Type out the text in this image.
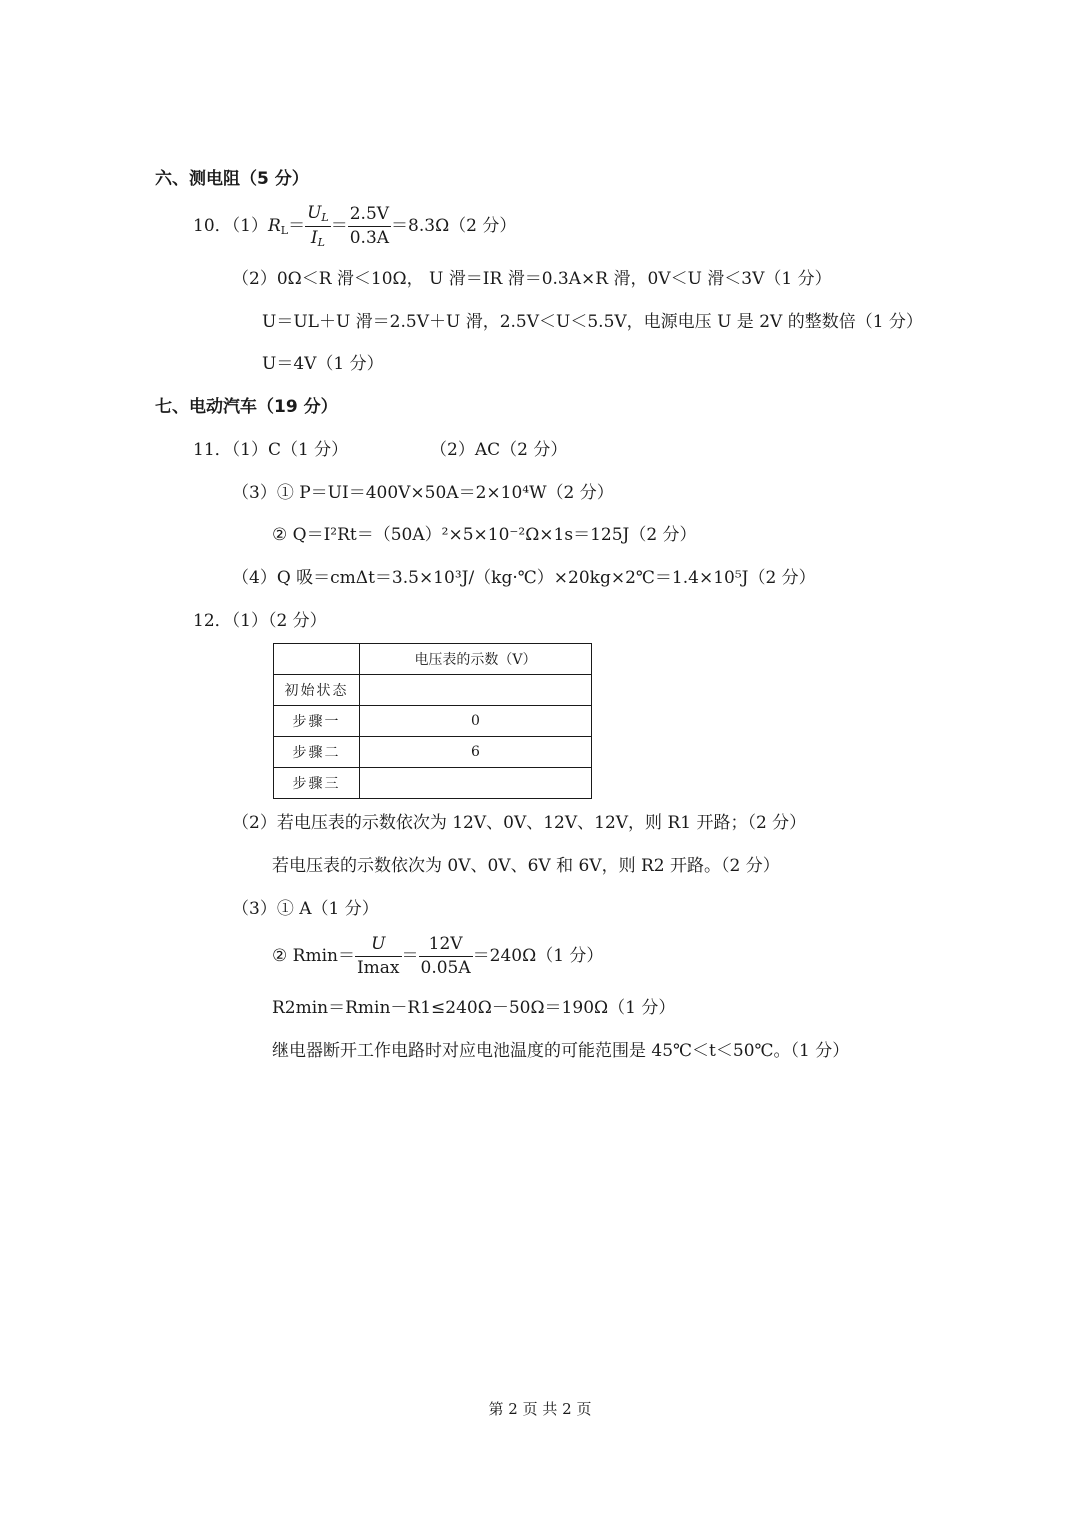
六、测电阻（5 分）
10．$(1)R_L= \frac{U_L}{I_L} = \frac{2.5V}{0.3A} =8.3\Omega(2$ 分）
（2）0Ω＜R 滑＜10Ω， U 滑＝IR 滑＝0.3A×R 滑，0V＜U 滑＜3V（1 分）
U＝UL＋U 滑＝2.5V＋U 滑，2.5V＜U＜5.5V，电源电压 U 是 2V 的整数倍（1 分）
U＝4V（1 分）
七、电动汽车（19 分）
11．（1）C（1 分）	（2）AC（2 分）
（3）① P＝UI＝400V×50A＝2×10⁴W（2 分）
② Q＝I²Rt＝（50A）²×5×10⁻²Ω×1s＝125J（2 分）
（4）Q 吸＝cmΔt＝3.5×10³J/（kg·℃）×20kg×2℃＝1.4×10⁵J（2 分）
12．（1）（2 分）
	电压表的示数（V）
初始状态	
步骤一	0
步骤二	6
步骤三	
（2）若电压表的示数依次为 12V、0V、12V、12V，则 R1 开路；（2 分）
若电压表的示数依次为 0V、0V、6V 和 6V，则 R2 开路。（2 分）
（3）① A（1 分）
② $Rmin= \frac{U}{Imax} = \frac{12V}{0.05A} =240\Omega(1$ 分）
R2min＝Rmin－R1≤240Ω－50Ω＝190Ω（1 分）
继电器断开工作电路时对应电池温度的可能范围是 45℃＜t＜50℃。（1 分）
第 2 页 共 2 页
